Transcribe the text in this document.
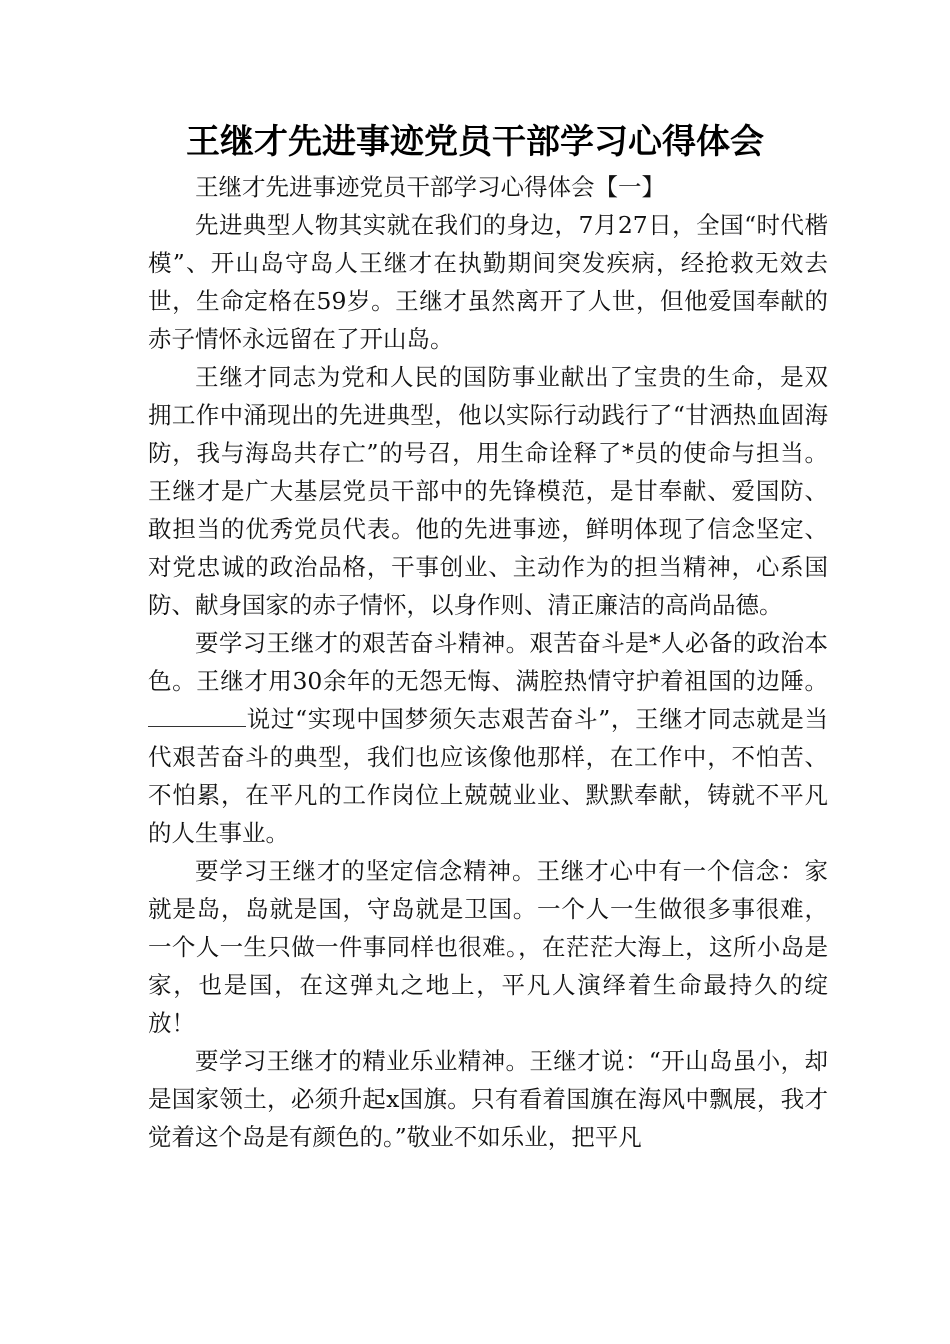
王继才先进事迹党员干部学习心得体会

王继才先进事迹党员干部学习心得体会【一】

先进典型人物其实就在我们的身边，7月27日，全国“时代楷模”、开山岛守岛人王继才在执勤期间突发疾病，经抢救无效去世，生命定格在59岁。王继才虽然离开了人世，但他爱国奉献的赤子情怀永远留在了开山岛。

王继才同志为党和人民的国防事业献出了宝贵的生命，是双拥工作中涌现出的先进典型，他以实际行动践行了“甘洒热血固海防，我与海岛共存亡”的号召，用生命诠释了*员的使命与担当。王继才是广大基层党员干部中的先锋模范，是甘奉献、爱国防、敢担当的优秀党员代表。他的先进事迹，鲜明体现了信念坚定、对党忠诚的政治品格，干事创业、主动作为的担当精神，心系国防、献身国家的赤子情怀，以身作则、清正廉洁的高尚品德。

要学习王继才的艰苦奋斗精神。艰苦奋斗是*人必备的政治本色。王继才用30余年的无怨无悔、满腔热情守护着祖国的边陲。说过“实现中国梦须矢志艰苦奋斗”，王继才同志就是当代艰苦奋斗的典型，我们也应该像他那样，在工作中，不怕苦、不怕累，在平凡的工作岗位上兢兢业业、默默奉献，铸就不平凡的人生事业。

要学习王继才的坚定信念精神。王继才心中有一个信念：家就是岛，岛就是国，守岛就是卫国。一个人一生做很多事很难，一个人一生只做一件事同样也很难。，在茫茫大海上，这所小岛是家，也是国，在这弹丸之地上，平凡人演绎着生命最持久的绽放！

要学习王继才的精业乐业精神。王继才说：“开山岛虽小，却是国家领土，必须升起x国旗。只有看着国旗在海风中飘展，我才觉着这个岛是有颜色的。”敬业不如乐业，把平凡
